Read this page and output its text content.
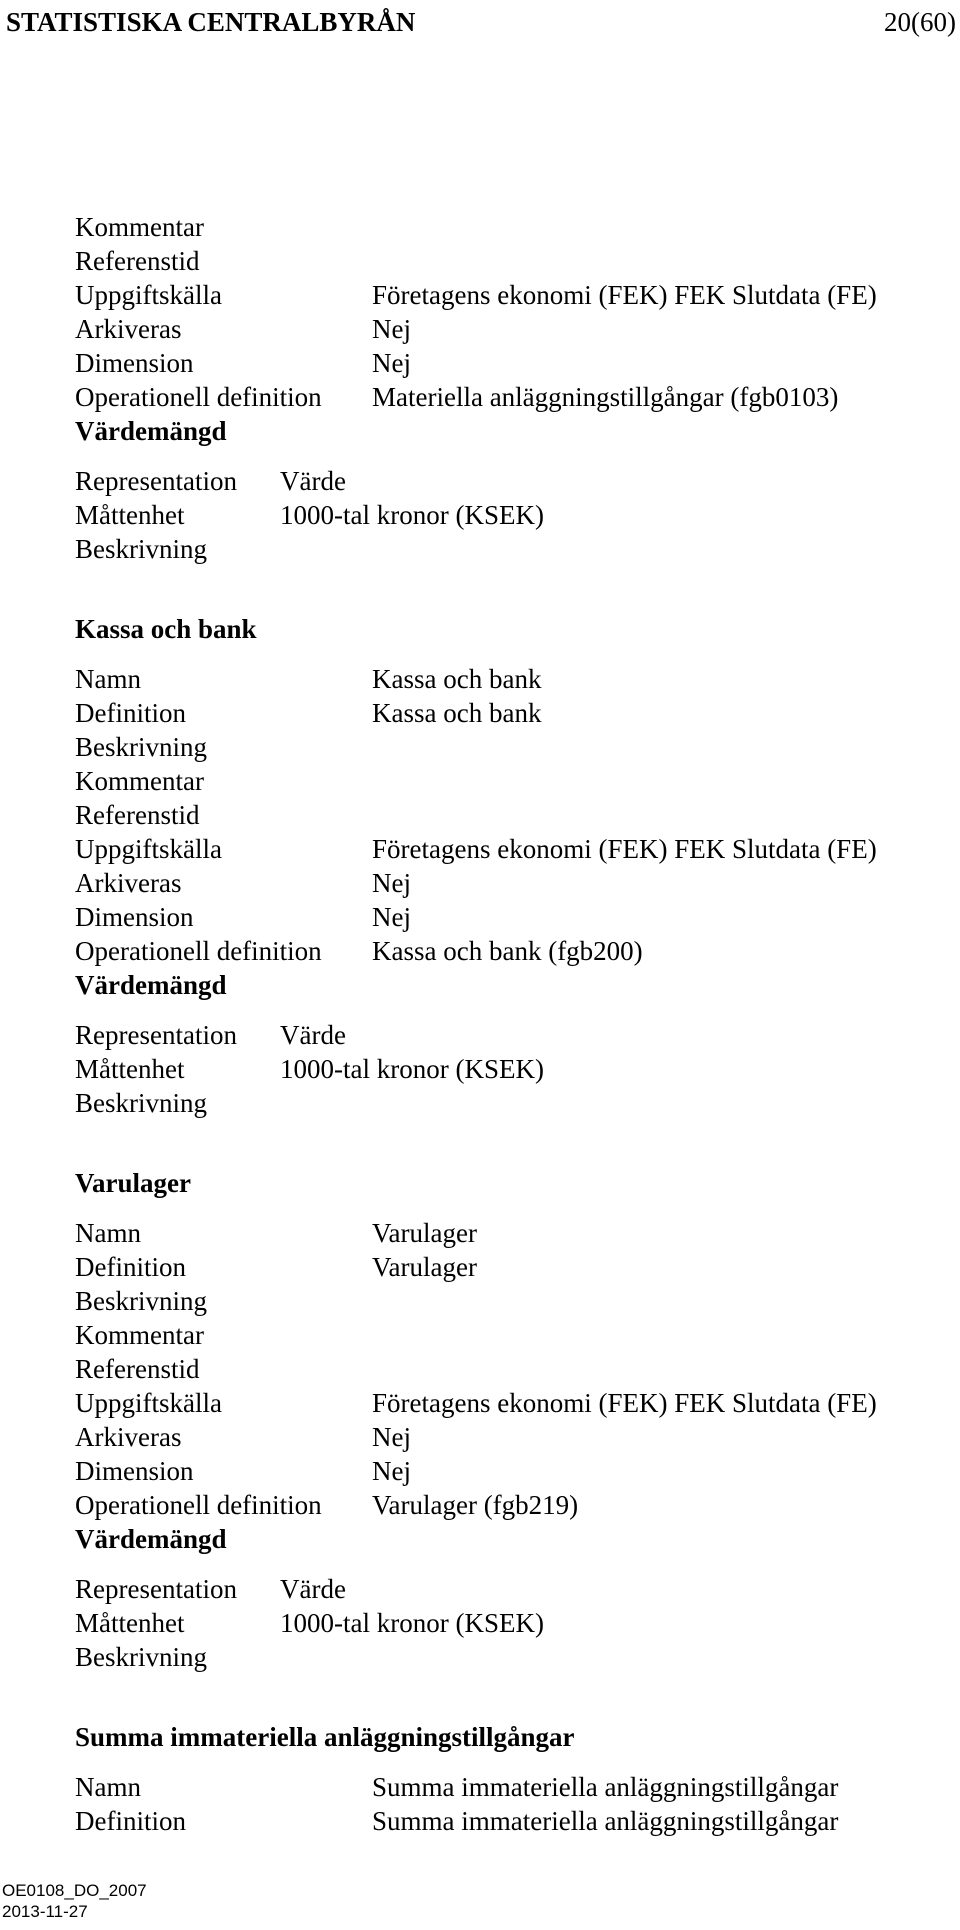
STATISTISKA CENTRALBYRÅN	20(60)
Kommentar
Referenstid
Uppgiftskälla	Företagens ekonomi (FEK) FEK Slutdata (FE)
Arkiveras	Nej
Dimension	Nej
Operationell definition Materiella anläggningstillgångar (fgb0103)
Värdemängd
Representation Värde
Måttenhet	1000-tal kronor (KSEK)
Beskrivning
Kassa och bank
Namn	Kassa och bank
Definition	Kassa och bank
Beskrivning
Kommentar
Referenstid
Uppgiftskälla	Företagens ekonomi (FEK) FEK Slutdata (FE)
Arkiveras	Nej
Dimension	Nej
Operationell definition Kassa och bank (fgb200)
Värdemängd
Representation Värde
Måttenhet	1000-tal kronor (KSEK)
Beskrivning
Varulager
Namn	Varulager
Definition	Varulager
Beskrivning
Kommentar
Referenstid
Uppgiftskälla	Företagens ekonomi (FEK) FEK Slutdata (FE)
Arkiveras	Nej
Dimension	Nej
Operationell definition Varulager (fgb219)
Värdemängd
Representation Värde
Måttenhet	1000-tal kronor (KSEK)
Beskrivning
Summa immateriella anläggningstillgångar
Namn	Summa immateriella anläggningstillgångar
Definition	Summa immateriella anläggningstillgångar
OE0108_DO_2007
2013-11-27
